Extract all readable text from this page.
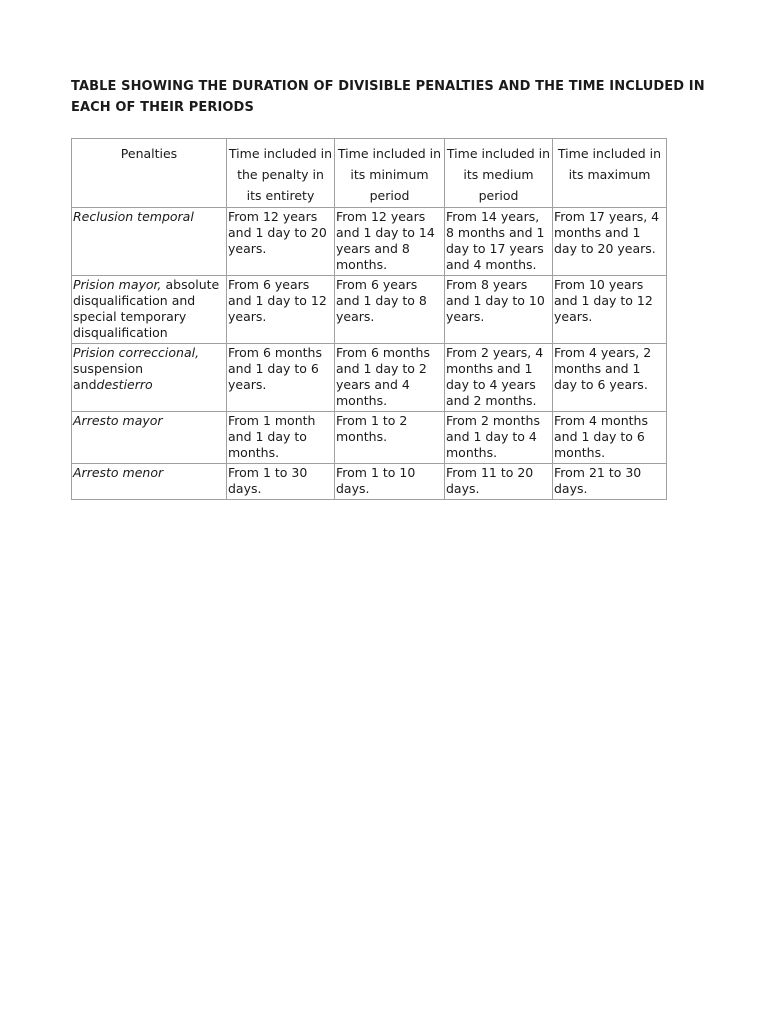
TABLE SHOWING THE DURATION OF DIVISIBLE PENALTIES AND THE TIME INCLUDED IN EACH OF THEIR PERIODS
Penalties	Time included in the penalty in its entirety	Time included in its minimum period	Time included in its medium period	Time included in its maximum
Reclusion temporal	From 12 years and 1 day to 20 years.	From 12 years and 1 day to 14 years and 8 months.	From 14 years, 8 months and 1 day to 17 years and 4 months.	From 17 years, 4 months and 1 day to 20 years.
Prision mayor, absolute disqualification and special temporary disqualification	From 6 years and 1 day to 12 years.	From 6 years and 1 day to 8 years.	From 8 years and 1 day to 10 years.	From 10 years and 1 day to 12 years.
Prision correccional, suspension anddestierro	From 6 months and 1 day to 6 years.	From 6 months and 1 day to 2 years and 4 months.	From 2 years, 4 months and 1 day to 4 years and 2 months.	From 4 years, 2 months and 1 day to 6 years.
Arresto mayor	From 1 month and 1 day to months.	From 1 to 2 months.	From 2 months and 1 day to 4 months.	From 4 months and 1 day to 6 months.
Arresto menor	From 1 to 30 days.	From 1 to 10 days.	From 11 to 20 days.	From 21 to 30 days.
